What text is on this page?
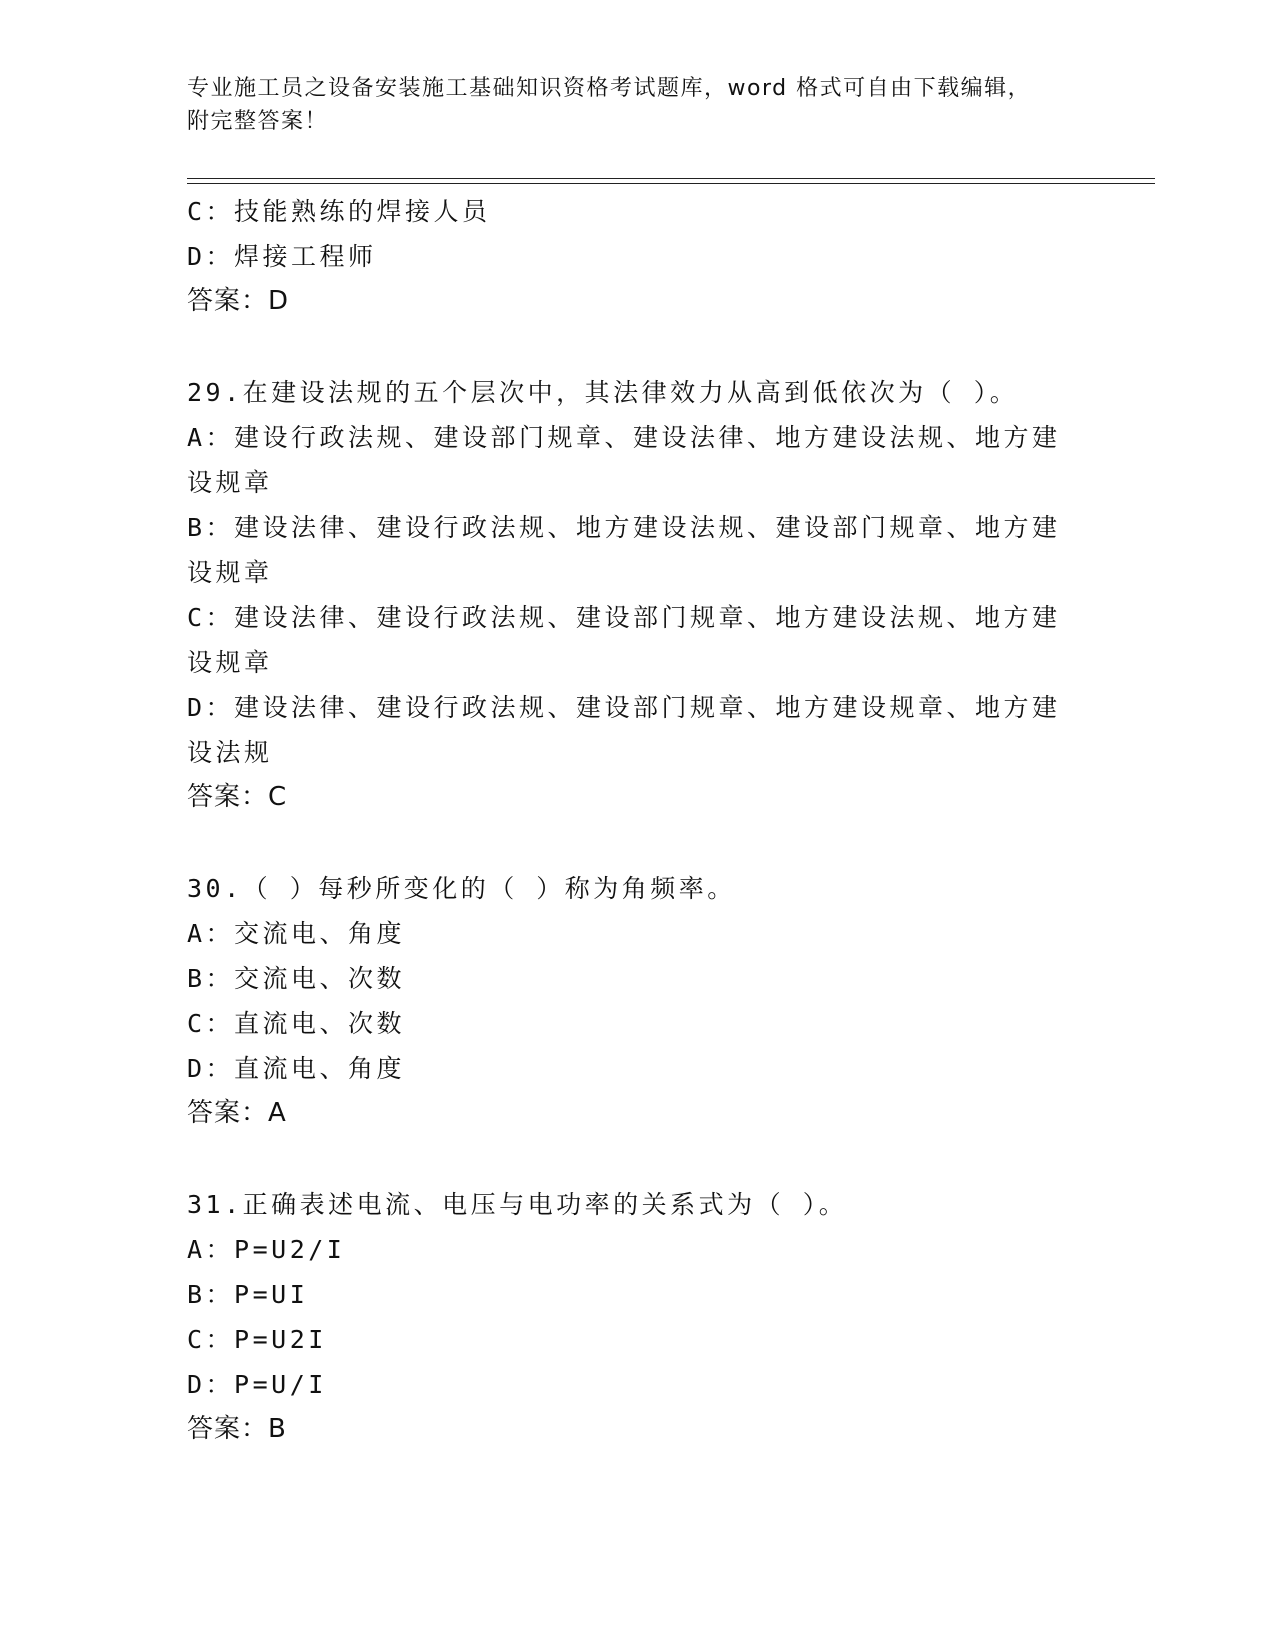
专业施工员之设备安装施工基础知识资格考试题库，word 格式可自由下载编辑，
附完整答案！
C：技能熟练的焊接人员
D：焊接工程师
答案：D
29.在建设法规的五个层次中，其法律效力从高到低依次为（ ）。
A：建设行政法规、建设部门规章、建设法律、地方建设法规、地方建设规章
B：建设法律、建设行政法规、地方建设法规、建设部门规章、地方建设规章
C：建设法律、建设行政法规、建设部门规章、地方建设法规、地方建设规章
D：建设法律、建设行政法规、建设部门规章、地方建设规章、地方建设法规
答案：C
30.（ ）每秒所变化的（ ）称为角频率。
A：交流电、角度
B：交流电、次数
C：直流电、次数
D：直流电、角度
答案：A
31.正确表述电流、电压与电功率的关系式为（ ）。
A：P=U2/I
B：P=UI
C：P=U2I
D：P=U/I
答案：B
